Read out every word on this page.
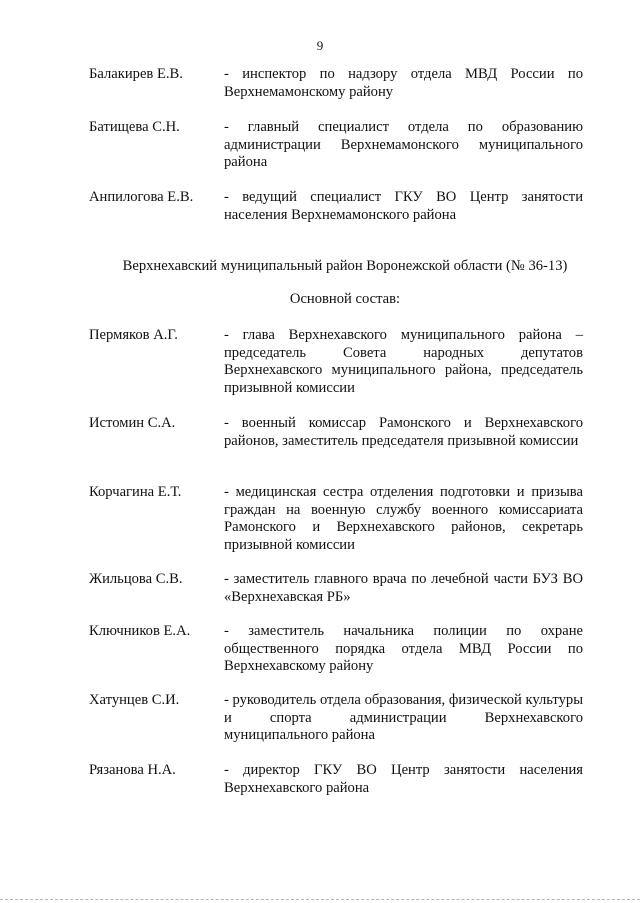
9
Балакирев Е.В.	- инспектор по надзору отдела МВД России по Верхнемамонскому району
Батищева С.Н.	- главный специалист отдела по образованию администрации Верхнемамонского муниципального района
Анпилогова Е.В.	- ведущий специалист ГКУ ВО Центр занятости населения Верхнемамонского района
Верхнехавский муниципальный район Воронежской области (№ 36-13)
Основной состав:
Пермяков А.Г.	- глава Верхнехавского муниципального района – председатель Совета народных депутатов Верхнехавского муниципального района, председатель призывной комиссии
Истомин С.А.	- военный комиссар Рамонского и Верхнехавского районов, заместитель председателя призывной комиссии
Корчагина Е.Т.	- медицинская сестра отделения подготовки и призыва граждан на военную службу военного комиссариата Рамонского и Верхнехавского районов, секретарь призывной комиссии
Жильцова С.В.	- заместитель главного врача по лечебной части БУЗ ВО «Верхнехавская РБ»
Ключников Е.А.	- заместитель начальника полиции по охране общественного порядка отдела МВД России по Верхнехавскому району
Хатунцев С.И.	- руководитель отдела образования, физической культуры и спорта администрации Верхнехавского муниципального района
Рязанова Н.А.	- директор ГКУ ВО Центр занятости населения Верхнехавского района
